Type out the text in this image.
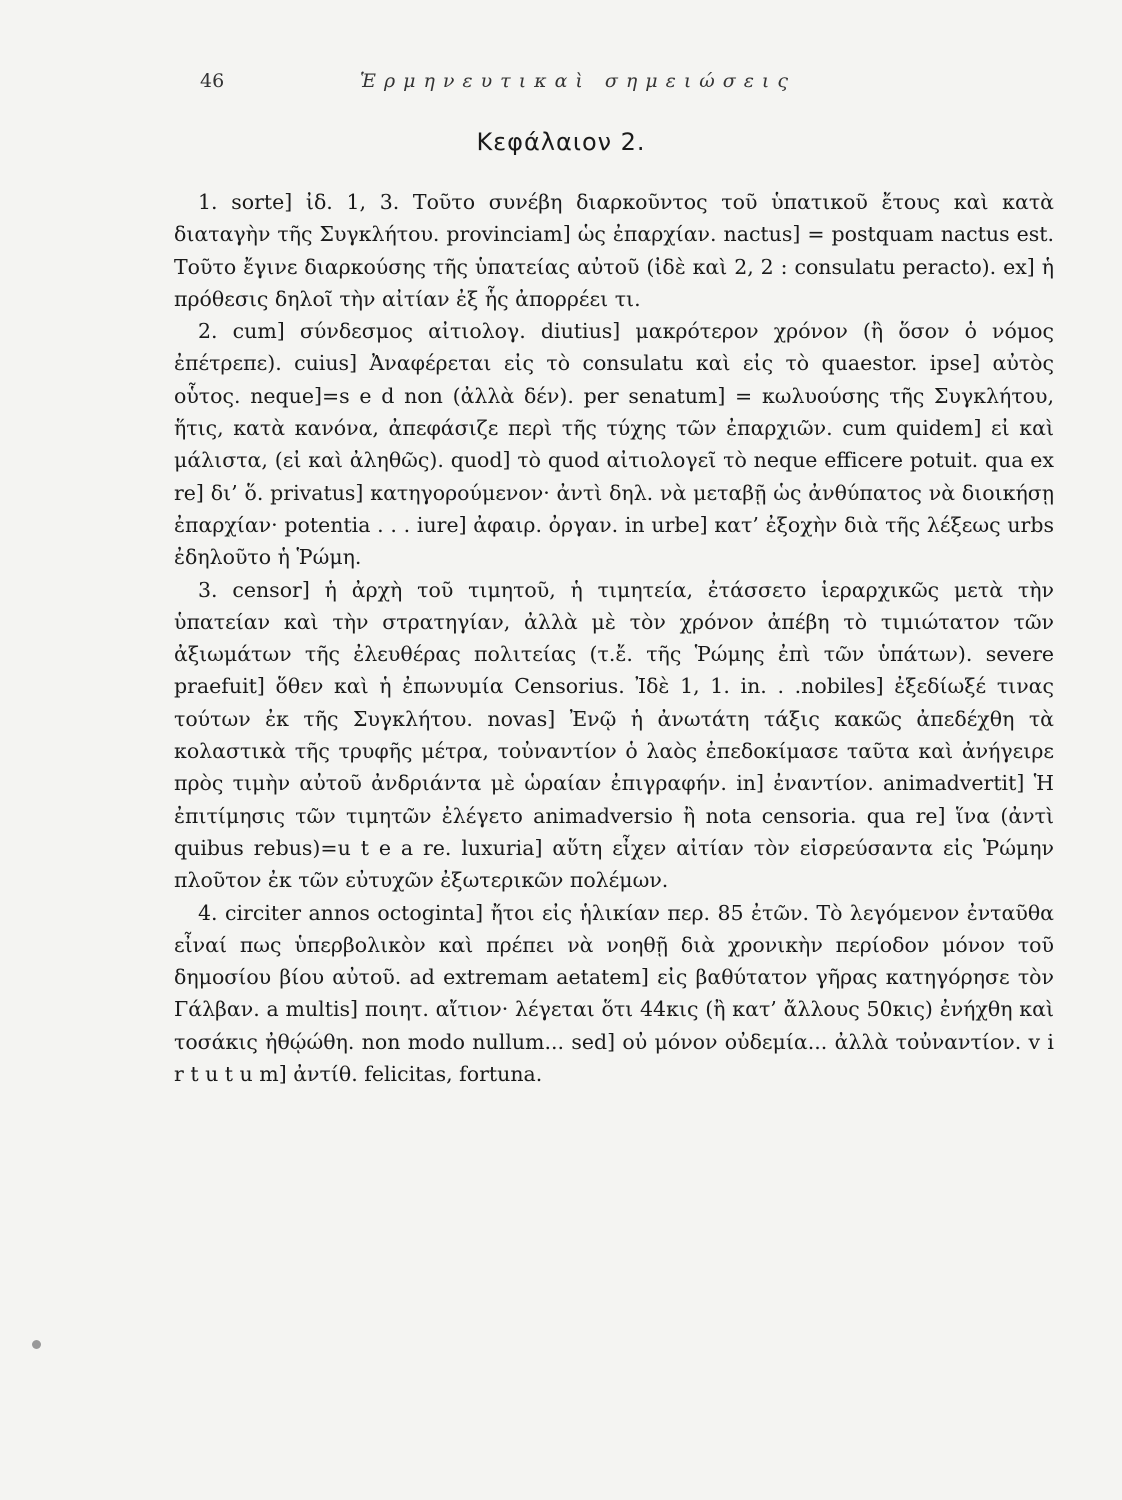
46	Ἑρμηνευτικαὶ σημειώσεις
Κεφάλαιον 2.

1. sorte] ἰδ. 1, 3. Τοῦτο συνέβη διαρκοῦντος τοῦ ὑπατικοῦ ἔτους καὶ κατὰ διαταγὴν τῆς Συγκλήτου. provinciam] ὡς ἐπαρχίαν. nactus] = postquam nactus est. Τοῦτο ἔγινε διαρκούσης τῆς ὑπατείας αὐτοῦ (ἰδὲ καὶ 2, 2 : consulatu peracto). ex] ἡ πρόθεσις δηλοῖ τὴν αἰτίαν ἐξ ἧς ἀπορρέει τι.

2. cum] σύνδεσμος αἰτιολογ. diutius] μακρότερον χρόνον (ἢ ὅσον ὁ νόμος ἐπέτρεπε). cuius] Ἀναφέρεται εἰς τὸ consulatu καὶ εἰς τὸ quaestor. ipse] αὐτὸς οὗτος. neque]=s e d non (ἀλλὰ δέν). per senatum] = κωλυούσης τῆς Συγκλήτου, ἥτις, κατὰ κανόνα, ἀπεφάσιζε περὶ τῆς τύχης τῶν ἐπαρχιῶν. cum quidem] εἰ καὶ μάλιστα, (εἰ καὶ ἀληθῶς). quod] τὸ quod αἰτιολογεῖ τὸ neque efficere potuit. qua ex re] δι’ ὅ. privatus] κατηγορούμενον· ἀντὶ δηλ. νὰ μεταβῇ ὡς ἀνθύπατος νὰ διοικήσῃ ἐπαρχίαν· potentia . . . iure] ἀφαιρ. ὀργαν. in urbe] κατ’ ἐξοχὴν διὰ τῆς λέξεως urbs ἐδηλοῦτο ἡ Ῥώμη.

3. censor] ἡ ἀρχὴ τοῦ τιμητοῦ, ἡ τιμητεία, ἐτάσσετο ἱεραρχικῶς μετὰ τὴν ὑπατείαν καὶ τὴν στρατηγίαν, ἀλλὰ μὲ τὸν χρόνον ἀπέβη τὸ τιμιώτατον τῶν ἀξιωμάτων τῆς ἐλευθέρας πολιτείας (τ.ἔ. τῆς Ῥώμης ἐπὶ τῶν ὑπάτων). severe praefuit] ὅθεν καὶ ἡ ἐπωνυμία Censorius. Ἰδὲ 1, 1. in. . .nobiles] ἐξεδίωξέ τινας τούτων ἐκ τῆς Συγκλήτου. novas] Ἐνῷ ἡ ἀνωτάτη τάξις κακῶς ἀπεδέχθη τὰ κολαστικὰ τῆς τρυφῆς μέτρα, τοὐναντίον ὁ λαὸς ἐπεδοκίμασε ταῦτα καὶ ἀνήγειρε πρὸς τιμὴν αὐτοῦ ἀνδριάντα μὲ ὡραίαν ἐπιγραφήν. in] ἐναντίον. animadvertit] Ἡ ἐπιτίμησις τῶν τιμητῶν ἐλέγετο animadversio ἢ nota censoria. qua re] ἵνα (ἀντὶ quibus rebus)=u t e a re. luxuria] αὕτη εἶχεν αἰτίαν τὸν εἰσρεύσαντα εἰς Ῥώμην πλοῦτον ἐκ τῶν εὐτυχῶν ἐξωτερικῶν πολέμων.

4. circiter annos octoginta] ἤτοι εἰς ἡλικίαν περ. 85 ἐτῶν. Τὸ λεγόμενον ἐνταῦθα εἶναί πως ὑπερβολικὸν καὶ πρέπει νὰ νοηθῇ διὰ χρονικὴν περίοδον μόνον τοῦ δημοσίου βίου αὐτοῦ. ad extremam aetatem] εἰς βαθύτατον γῆρας κατηγόρησε τὸν Γάλβαν. a multis] ποιητ. αἴτιον· λέγεται ὅτι 44κις (ἢ κατ’ ἄλλους 50κις) ἐνήχθη καὶ τοσάκις ἠθῴώθη. non modo nullum... sed] οὐ μόνον οὐδεμία... ἀλλὰ τοὐναντίον. v i r t u t u m] ἀντίθ. felicitas, fortuna.
